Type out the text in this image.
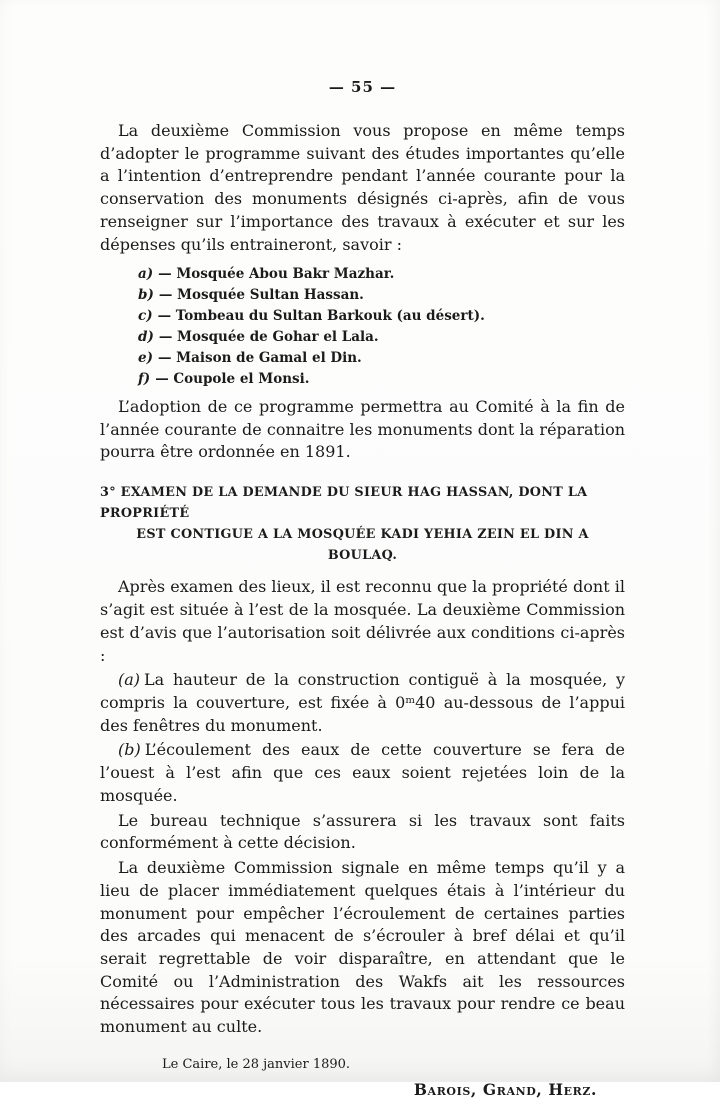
— 55 —

La deuxième Commission vous propose en même temps d’adopter le programme suivant des études importantes qu’elle a l’intention d’entreprendre pendant l’année courante pour la conservation des monuments désignés ci-après, afin de vous renseigner sur l’importance des travaux à exécuter et sur les dépenses qu’ils entraineront, savoir :

a) — Mosquée Abou Bakr Mazhar.
b) — Mosquée Sultan Hassan.
c) — Tombeau du Sultan Barkouk (au désert).
d) — Mosquée de Gohar el Lala.
e) — Maison de Gamal el Din.
f) — Coupole el Monsi.

L’adoption de ce programme permettra au Comité à la fin de l’année courante de connaitre les monuments dont la réparation pourra être ordonnée en 1891.

3° EXAMEN DE LA DEMANDE DU SIEUR HAG HASSAN, DONT LA PROPRIÉTÉ
EST CONTIGUE A LA MOSQUÉE KADI YEHIA ZEIN EL DIN A BOULAQ.

Après examen des lieux, il est reconnu que la propriété dont il s’agit est située à l’est de la mosquée. La deuxième Commission est d’avis que l’autorisation soit délivrée aux conditions ci-après :

(a) La hauteur de la construction contiguë à la mosquée, y compris la couverture, est fixée à 0ᵐ40 au-dessous de l’appui des fenêtres du monument.

(b) L’écoulement des eaux de cette couverture se fera de l’ouest à l’est afin que ces eaux soient rejetées loin de la mosquée.

Le bureau technique s’assurera si les travaux sont faits conformément à cette décision.

La deuxième Commission signale en même temps qu’il y a lieu de placer immédiatement quelques étais à l’intérieur du monument pour empêcher l’écroulement de certaines parties des arcades qui menacent de s’écrouler à bref délai et qu’il serait regrettable de voir disparaître, en attendant que le Comité ou l’Administration des Wakfs ait les ressources nécessaires pour exécuter tous les travaux pour rendre ce beau monument au culte.

Le Caire, le 28 janvier 1890.
Barois, Grand, Herz.
